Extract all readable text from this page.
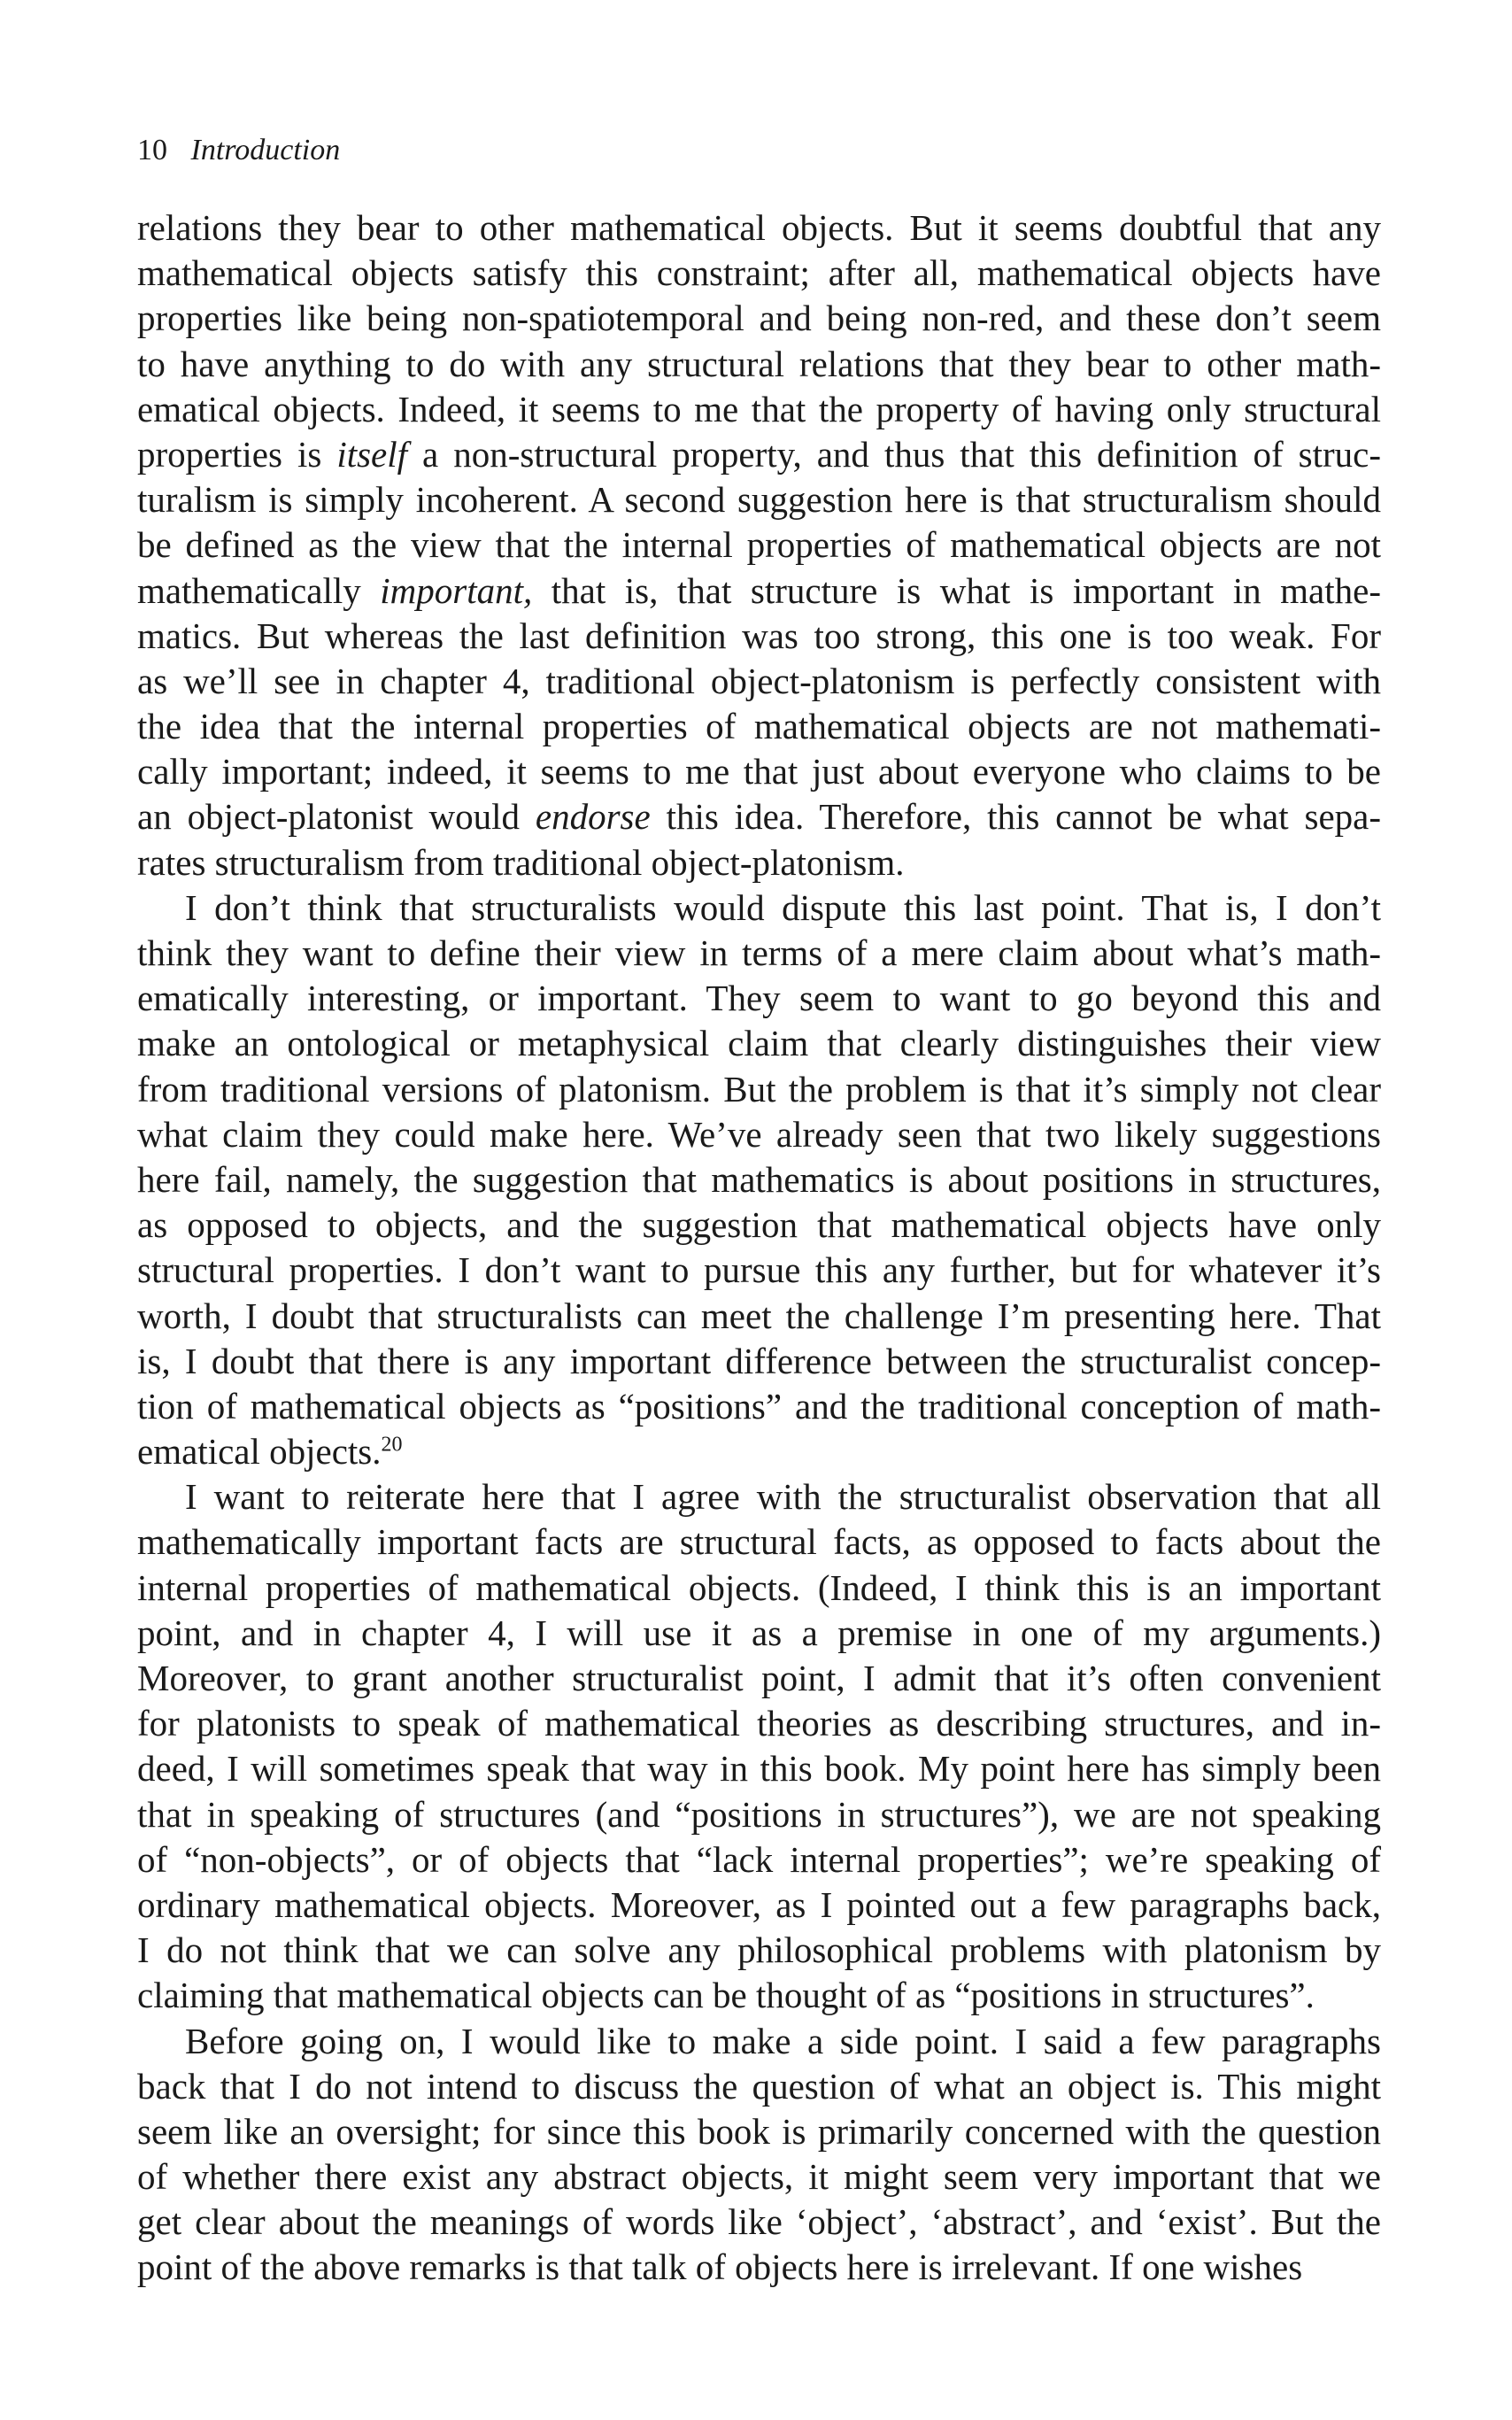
10 Introduction
relations they bear to other mathematical objects. But it seems doubtful that any
mathematical objects satisfy this constraint; after all, mathematical objects have
properties like being non-spatiotemporal and being non-red, and these don’t seem
to have anything to do with any structural relations that they bear to other math-
ematical objects. Indeed, it seems to me that the property of having only structural
properties is itself a non-structural property, and thus that this definition of struc-
turalism is simply incoherent. A second suggestion here is that structuralism should
be defined as the view that the internal properties of mathematical objects are not
mathematically important, that is, that structure is what is important in mathe-
matics. But whereas the last definition was too strong, this one is too weak. For
as we’ll see in chapter 4, traditional object-platonism is perfectly consistent with
the idea that the internal properties of mathematical objects are not mathemati-
cally important; indeed, it seems to me that just about everyone who claims to be
an object-platonist would endorse this idea. Therefore, this cannot be what sepa-
rates structuralism from traditional object-platonism.
I don’t think that structuralists would dispute this last point. That is, I don’t
think they want to define their view in terms of a mere claim about what’s math-
ematically interesting, or important. They seem to want to go beyond this and
make an ontological or metaphysical claim that clearly distinguishes their view
from traditional versions of platonism. But the problem is that it’s simply not clear
what claim they could make here. We’ve already seen that two likely suggestions
here fail, namely, the suggestion that mathematics is about positions in structures,
as opposed to objects, and the suggestion that mathematical objects have only
structural properties. I don’t want to pursue this any further, but for whatever it’s
worth, I doubt that structuralists can meet the challenge I’m presenting here. That
is, I doubt that there is any important difference between the structuralist concep-
tion of mathematical objects as “positions” and the traditional conception of math-
ematical objects.$^{20}$
I want to reiterate here that I agree with the structuralist observation that all
mathematically important facts are structural facts, as opposed to facts about the
internal properties of mathematical objects. (Indeed, I think this is an important
point, and in chapter 4, I will use it as a premise in one of my arguments.)
Moreover, to grant another structuralist point, I admit that it’s often convenient
for platonists to speak of mathematical theories as describing structures, and in-
deed, I will sometimes speak that way in this book. My point here has simply been
that in speaking of structures (and “positions in structures”), we are not speaking
of “non-objects”, or of objects that “lack internal properties”; we’re speaking of
ordinary mathematical objects. Moreover, as I pointed out a few paragraphs back,
I do not think that we can solve any philosophical problems with platonism by
claiming that mathematical objects can be thought of as “positions in structures”.
Before going on, I would like to make a side point. I said a few paragraphs
back that I do not intend to discuss the question of what an object is. This might
seem like an oversight; for since this book is primarily concerned with the question
of whether there exist any abstract objects, it might seem very important that we
get clear about the meanings of words like ‘object’, ‘abstract’, and ‘exist’. But the
point of the above remarks is that talk of objects here is irrelevant. If one wishes
